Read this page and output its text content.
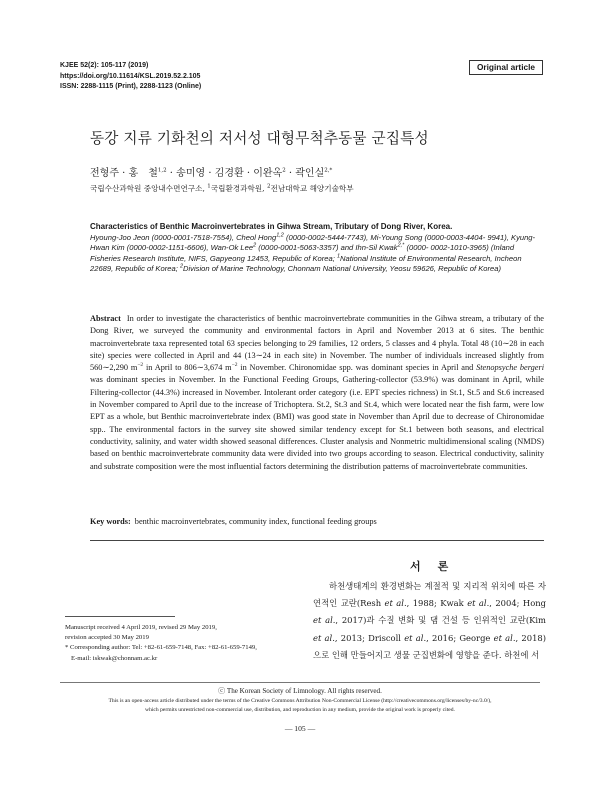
KJEE 52(2): 105-117 (2019)
https://doi.org/10.11614/KSL.2019.52.2.105
ISSN: 2288-1115 (Print), 2288-1123 (Online)
Original article
동강 지류 기화천의 저서성 대형무척추동물 군집특성
전형주 · 홍　철$^{1,2}$ · 송미영 · 김경환 · 이완옥$^2$ · 곽인실$^{2,*}$
국립수산과학원 중앙내수면연구소, $^1$국립환경과학원, $^2$전남대학교 해양기술학부
Characteristics of Benthic Macroinvertebrates in Gihwa Stream, Tributary of Dong River, Korea.
Hyoung-Joo Jeon (0000-0001-7518-7554), Cheol Hong$^{1,2}$ (0000-0002-5444-7743), Mi-Young Song (0000-0003-4404- 9941), Kyung-Hwan Kim (0000-0002-1151-6606), Wan-Ok Lee$^2$ (0000-0001-5063-3357) and Ihn-Sil Kwak$^{2,*}$ (0000- 0002-1010-3965) (Inland Fisheries Research Institute, NIFS, Gapyeong 12453, Republic of Korea; $^1$National Institute of Environmental Research, Incheon 22689, Republic of Korea; $^2$Division of Marine Technology, Chonnam National University, Yeosu 59626, Republic of Korea)
Abstract In order to investigate the characteristics of benthic macroinvertebrate communities in the Gihwa stream, a tributary of the Dong River, we surveyed the community and environmental factors in April and November 2013 at 6 sites. The benthic macroinvertebrate taxa represented total 63 species belonging to 29 families, 12 orders, 5 classes and 4 phyla. Total 48 (10∼28 in each site) species were collected in April and 44 (13∼24 in each site) in November. The number of individuals increased slightly from 560∼2,290 $m^{-2}$ in April to 806∼3,674 $m^{-2}$ in November. Chironomidae spp. was dominant species in April and Stenopsyche bergeri was dominant species in November. In the Functional Feeding Groups, Gathering-collector (53.9%) was dominant in April, while Filtering-collector (44.3%) increased in November. Intolerant order category (i.e. EPT species richness) in St.1, St.5 and St.6 increased in November compared to April due to the increase of Trichoptera. St.2, St.3 and St.4, which were located near the fish farm, were low EPT as a whole, but Benthic macroinvertebrate index (BMI) was good state in November than April due to decrease of Chironomidae spp.. The environmental factors in the survey site showed similar tendency except for St.1 between both seasons, and electrical conductivity, salinity, and water width showed seasonal differences. Cluster analysis and Nonmetric multidimensional scaling (NMDS) based on benthic macroinvertebrate community data were divided into two groups according to season. Electrical conductivity, salinity and substrate composition were the most influential factors determining the distribution patterns of macroinvertebrate communities.
Key words: benthic macroinvertebrates, community index, functional feeding groups
서론

하천생태계의 환경변화는 계절적 및 지리적 위치에 따른 자연적인 교란(Resh et al., 1988; Kwak et al., 2004; Hong et al., 2017)과 수질 변화 및 댐 건설 등 인위적인 교란(Kim et al., 2013; Driscoll et al., 2016; George et al., 2018)으로 인해 만들어지고 생물 군집변화에 영향을 준다. 하천에 서

Manuscript received 4 April 2019, revised 29 May 2019,
revision accepted 30 May 2019
* Corresponding author: Tel: +82-61-659-7148, Fax: +82-61-659-7149,
E-mail: iskwak@chonnam.ac.kr
ⓒ The Korean Society of Limnology. All rights reserved.
This is an open-access article distributed under the terms of the Creative Commons Attribution Non-Commercial License (http://creativecommons.org/licenses/by-nc/3.0/),
which permits unrestricted non-commercial use, distribution, and reproduction in any medium, provide the original work is properly cited.
— 105 —
